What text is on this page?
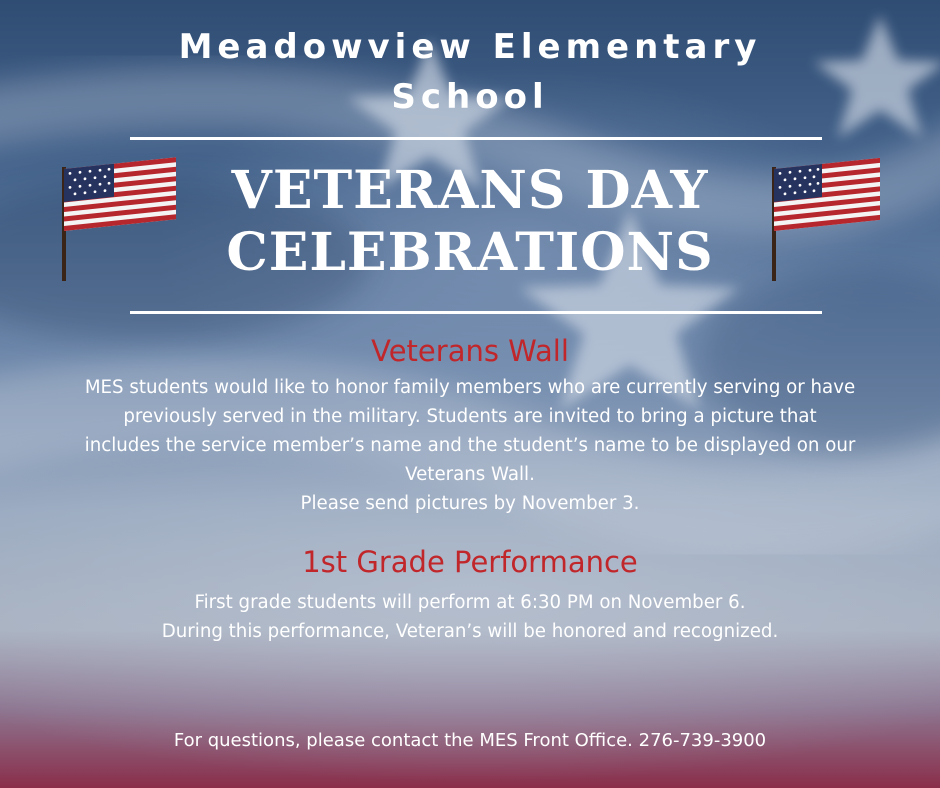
Meadowview Elementary
School
VETERANS DAY
CELEBRATIONS
Veterans Wall
MES students would like to honor family members who are currently serving or have
previously served in the military. Students are invited to bring a picture that
includes the service member’s name and the student’s name to be displayed on our
Veterans Wall.
Please send pictures by November 3.
1st Grade Performance
First grade students will perform at 6:30 PM on November 6.
During this performance, Veteran’s will be honored and recognized.
For questions, please contact the MES Front Office. 276-739-3900
